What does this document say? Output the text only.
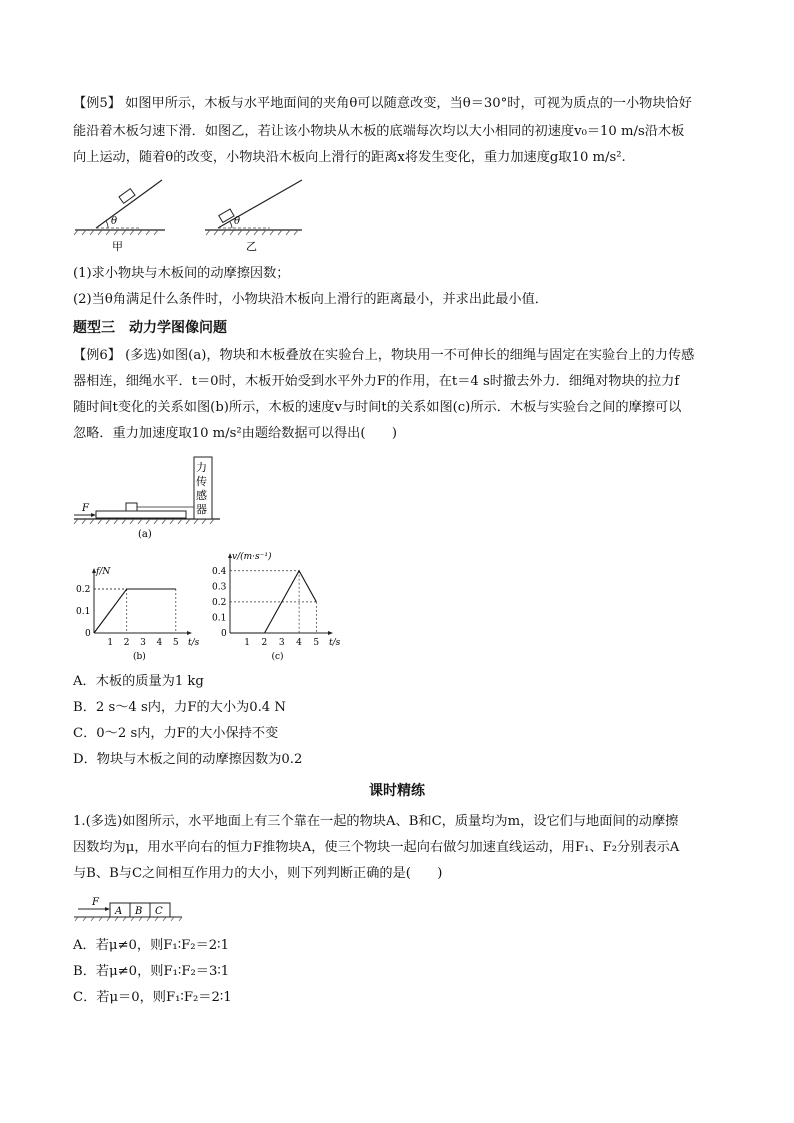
【例5】 如图甲所示，木板与水平地面间的夹角θ可以随意改变，当θ＝30°时，可视为质点的一小物块恰好
能沿着木板匀速下滑．如图乙，若让该小物块从木板的底端每次均以大小相同的初速度v₀＝10 m/s沿木板
向上运动，随着θ的改变，小物块沿木板向上滑行的距离x将发生变化，重力加速度g取10 m/s².
θ
甲
θ
乙
(1)求小物块与木板间的动摩擦因数；
(2)当θ角满足什么条件时，小物块沿木板向上滑行的距离最小，并求出此最小值．
题型三　动力学图像问题
【例6】 (多选)如图(a)，物块和木板叠放在实验台上，物块用一不可伸长的细绳与固定在实验台上的力传感
器相连，细绳水平．t＝0时，木板开始受到水平外力F的作用，在t＝4 s时撤去外力．细绳对物块的拉力f
随时间t变化的关系如图(b)所示，木板的速度v与时间t的关系如图(c)所示．木板与实验台之间的摩擦可以
忽略．重力加速度取10 m/s²由题给数据可以得出(　　)
力
传
感
器
F
(a)
1 2 3 4 5
0.2
0.1
0
t/s
f/N
(b)
1 2 3 4 5
0.4
0.3
0.2
0.1
0
t/s
v/(m·s⁻¹)
(c)
A．木板的质量为1 kg
B．2 s～4 s内，力F的大小为0.4 N
C．0～2 s内，力F的大小保持不变
D．物块与木板之间的动摩擦因数为0.2
课时精练
1.(多选)如图所示，水平地面上有三个靠在一起的物块A、B和C，质量均为m，设它们与地面间的动摩擦
因数均为μ，用水平向右的恒力F推物块A，使三个物块一起向右做匀加速直线运动，用F₁、F₂分别表示A
与B、B与C之间相互作用力的大小，则下列判断正确的是(　　)
F
A B C
A．若μ≠0，则F₁∶F₂＝2∶1
B．若μ≠0，则F₁∶F₂＝3∶1
C．若μ＝0，则F₁∶F₂＝2∶1
